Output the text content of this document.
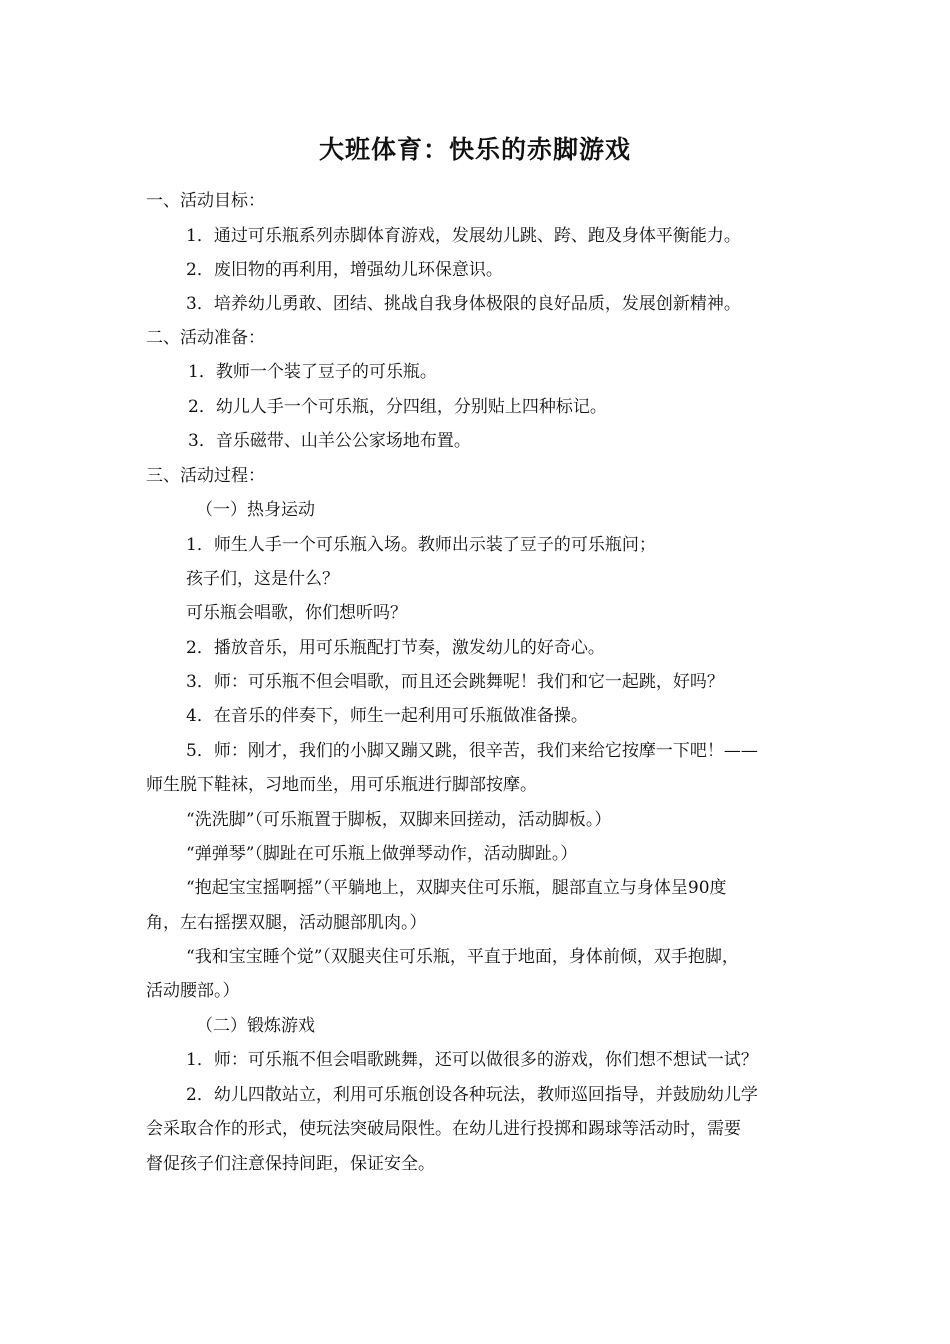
大班体育：快乐的赤脚游戏
一、活动目标：
1．通过可乐瓶系列赤脚体育游戏，发展幼儿跳、跨、跑及身体平衡能力。
2．废旧物的再利用，增强幼儿环保意识。
3．培养幼儿勇敢、团结、挑战自我身体极限的良好品质，发展创新精神。
二、活动准备：
1．教师一个装了豆子的可乐瓶。
2．幼儿人手一个可乐瓶，分四组，分别贴上四种标记。
3．音乐磁带、山羊公公家场地布置。
三、活动过程：
（一）热身运动
1．师生人手一个可乐瓶入场。教师出示装了豆子的可乐瓶问；
孩子们，这是什么？
可乐瓶会唱歌，你们想听吗？
2．播放音乐，用可乐瓶配打节奏，激发幼儿的好奇心。
3．师：可乐瓶不但会唱歌，而且还会跳舞呢！我们和它一起跳，好吗？
4．在音乐的伴奏下，师生一起利用可乐瓶做准备操。
5．师：刚才，我们的小脚又蹦又跳，很辛苦，我们来给它按摩一下吧！——
师生脱下鞋袜，习地而坐，用可乐瓶进行脚部按摩。
“洗洗脚”（可乐瓶置于脚板，双脚来回搓动，活动脚板。）
“弹弹琴”（脚趾在可乐瓶上做弹琴动作，活动脚趾。）
“抱起宝宝摇啊摇”（平躺地上，双脚夹住可乐瓶，腿部直立与身体呈90度
角，左右摇摆双腿，活动腿部肌肉。）
“我和宝宝睡个觉”（双腿夹住可乐瓶，平直于地面，身体前倾，双手抱脚，
活动腰部。）
（二）锻炼游戏
1．师：可乐瓶不但会唱歌跳舞，还可以做很多的游戏，你们想不想试一试？
2．幼儿四散站立，利用可乐瓶创设各种玩法，教师巡回指导，并鼓励幼儿学
会采取合作的形式，使玩法突破局限性。在幼儿进行投掷和踢球等活动时，需要
督促孩子们注意保持间距，保证安全。
